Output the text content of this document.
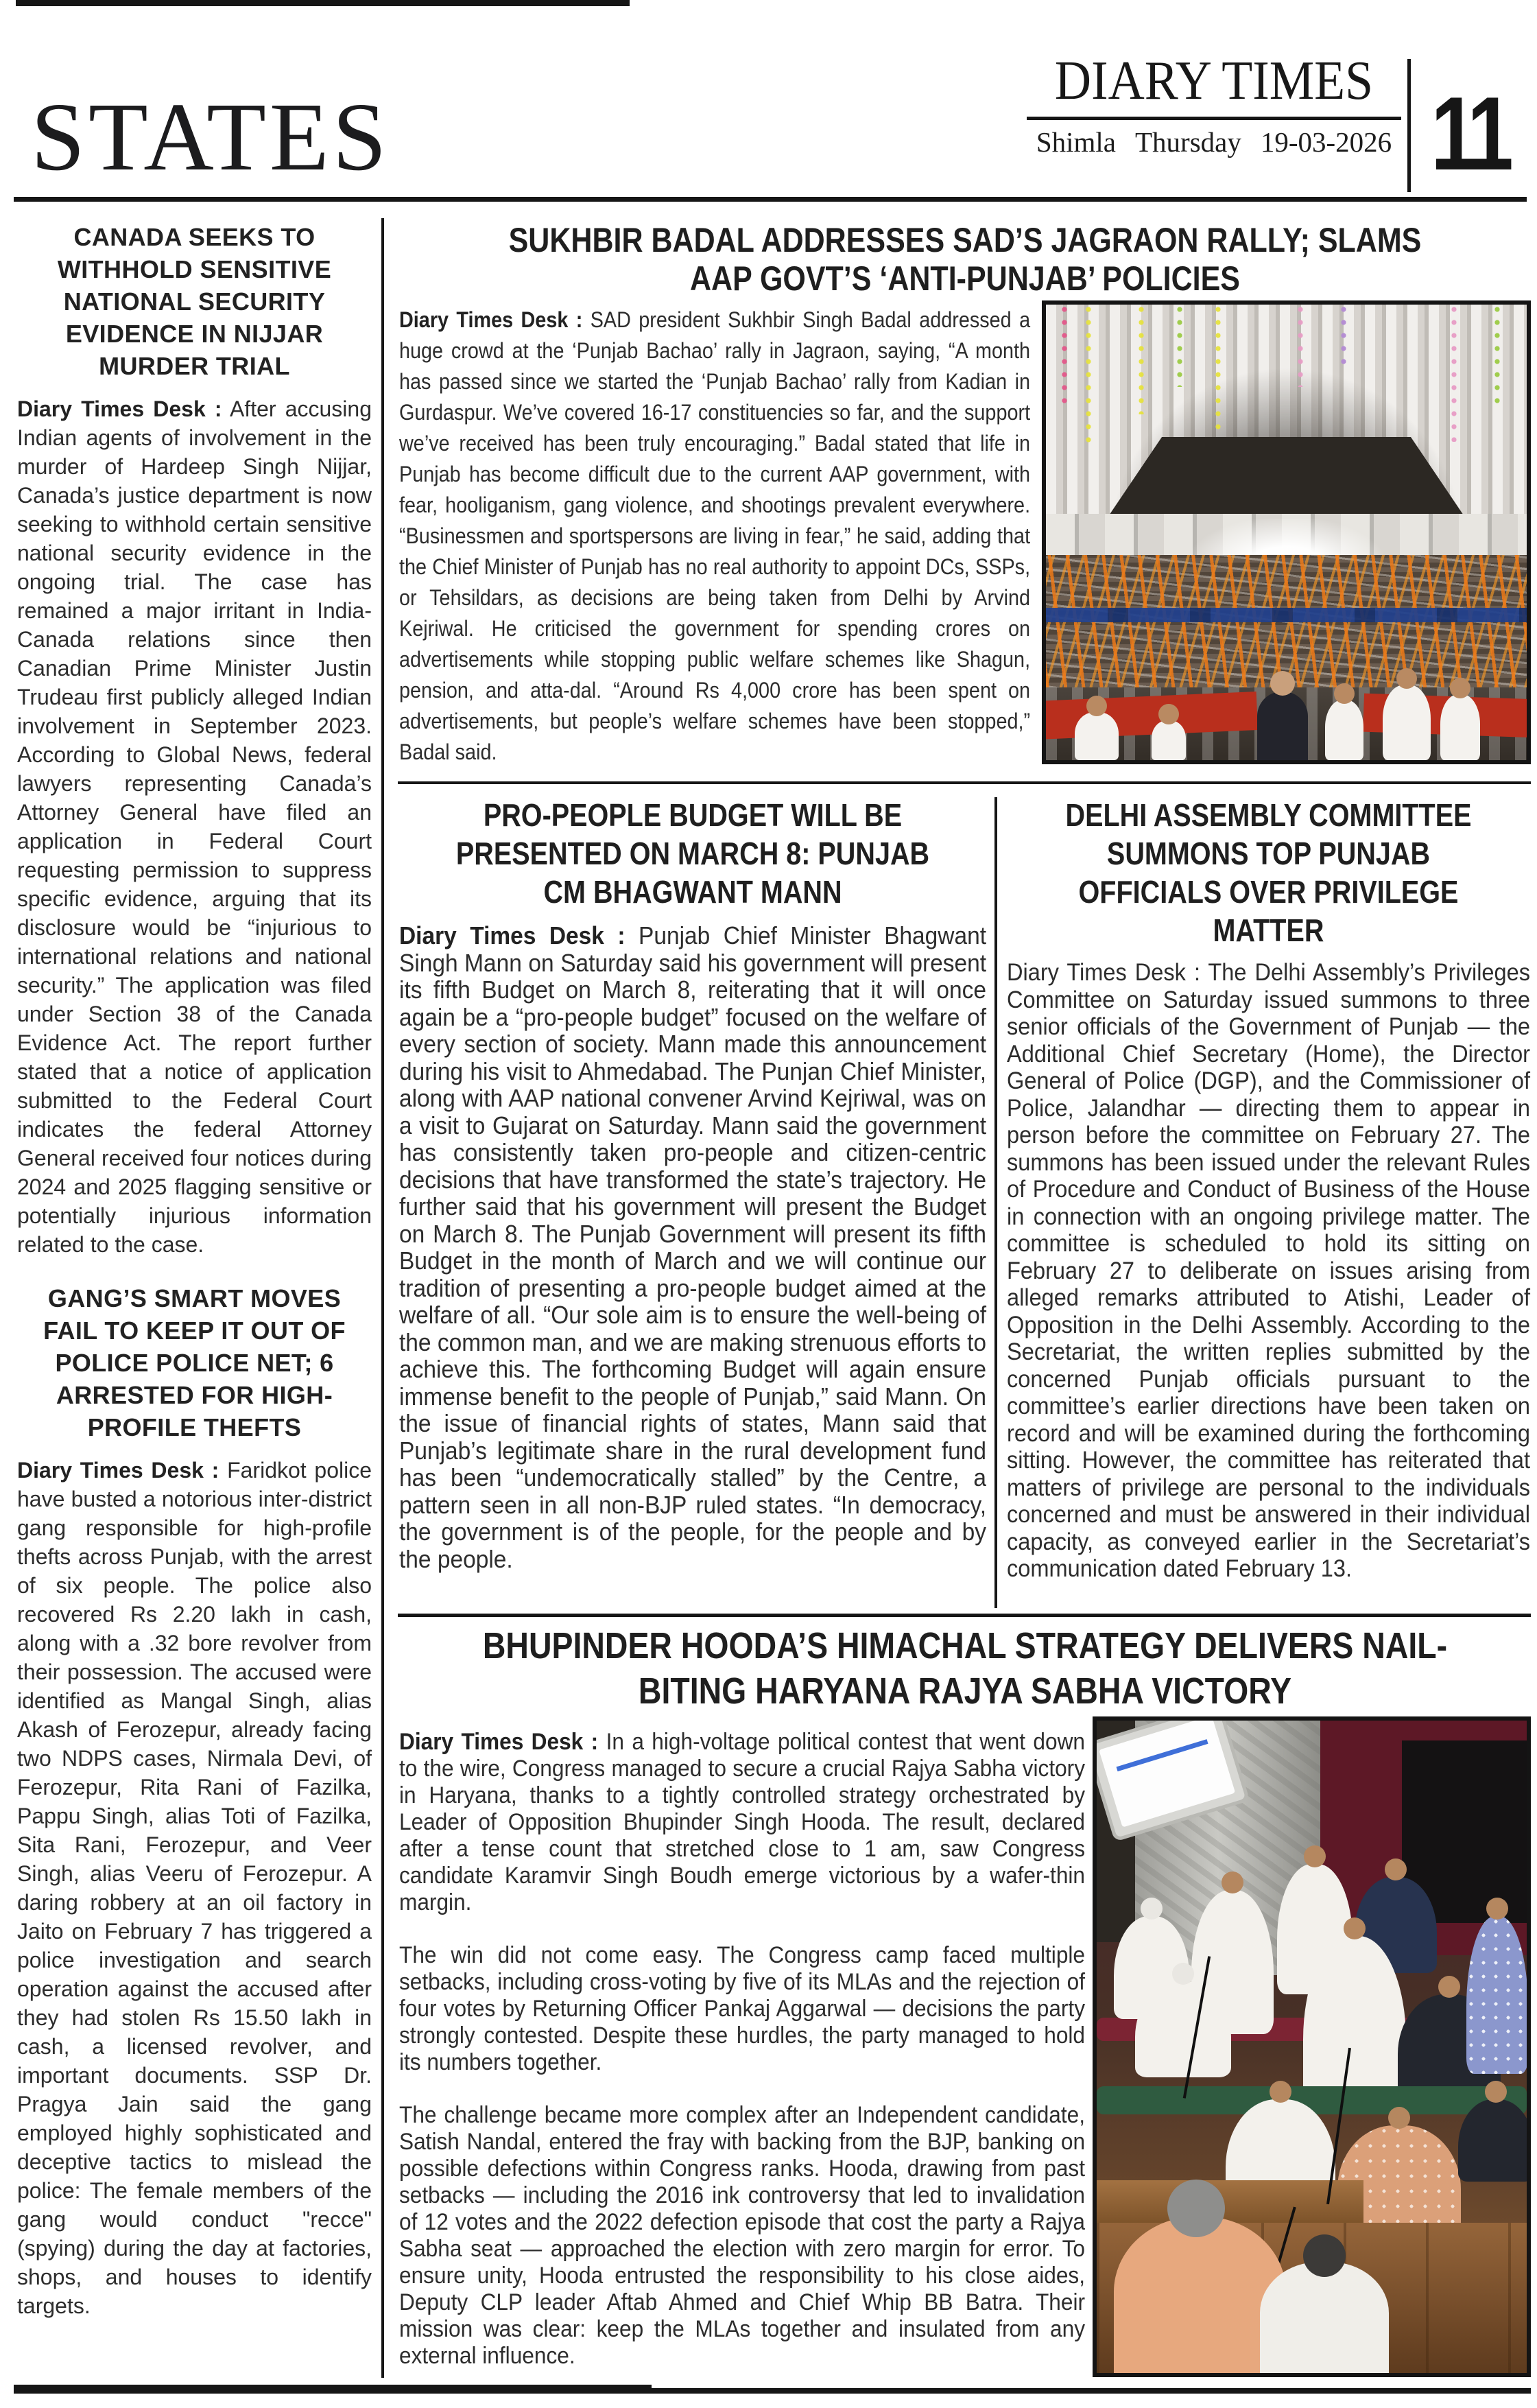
STATES
DIARY TIMES
Shimla Thursday 19-03-2026 11
CANADA SEEKS TO WITHHOLD SENSITIVE NATIONAL SECURITY EVIDENCE IN NIJJAR MURDER TRIAL

Diary Times Desk : After accusing Indian agents of involvement in the murder of Hardeep Singh Nijjar, Canada’s justice department is now seeking to withhold certain sensitive national security evidence in the ongoing trial. The case has remained a major irritant in India-Canada relations since then Canadian Prime Minister Justin Trudeau first publicly alleged Indian involvement in September 2023. According to Global News, federal lawyers representing Canada’s Attorney General have filed an application in Federal Court requesting permission to suppress specific evidence, arguing that its disclosure would be “injurious to international relations and national security.” The application was filed under Section 38 of the Canada Evidence Act. The report further stated that a notice of application submitted to the Federal Court indicates the federal Attorney General received four notices during 2024 and 2025 flagging sensitive or potentially injurious information related to the case.

GANG’S SMART MOVES FAIL TO KEEP IT OUT OF POLICE POLICE NET; 6 ARRESTED FOR HIGH-PROFILE THEFTS

Diary Times Desk : Faridkot police have busted a notorious inter-district gang responsible for high-profile thefts across Punjab, with the arrest of six people. The police also recovered Rs 2.20 lakh in cash, along with a .32 bore revolver from their possession. The accused were identified as Mangal Singh, alias Akash of Ferozepur, already facing two NDPS cases, Nirmala Devi, of Ferozepur, Rita Rani of Fazilka, Pappu Singh, alias Toti of Fazilka, Sita Rani, Ferozepur, and Veer Singh, alias Veeru of Ferozepur. A daring robbery at an oil factory in Jaito on February 7 has triggered a police investigation and search operation against the accused after they had stolen Rs 15.50 lakh in cash, a licensed revolver, and important documents. SSP Dr. Pragya Jain said the gang employed highly sophisticated and deceptive tactics to mislead the police: The female members of the gang would conduct "recce" (spying) during the day at factories, shops, and houses to identify targets.

SUKHBIR BADAL ADDRESSES SAD’S JAGRAON RALLY; SLAMS AAP GOVT’S ‘ANTI-PUNJAB’ POLICIES

Diary Times Desk : SAD president Sukhbir Singh Badal addressed a huge crowd at the ‘Punjab Bachao’ rally in Jagraon, saying, “A month has passed since we started the ‘Punjab Bachao’ rally from Kadian in Gurdaspur. We’ve covered 16-17 constituencies so far, and the support we’ve received has been truly encouraging.” Badal stated that life in Punjab has become difficult due to the current AAP government, with fear, hooliganism, gang violence, and shootings prevalent everywhere. “Businessmen and sportspersons are living in fear,” he said, adding that the Chief Minister of Punjab has no real authority to appoint DCs, SSPs, or Tehsildars, as decisions are being taken from Delhi by Arvind Kejriwal. He criticised the government for spending crores on advertisements while stopping public welfare schemes like Shagun, pension, and atta-dal. “Around Rs 4,000 crore has been spent on advertisements, but people’s welfare schemes have been stopped,” Badal said.

PRO-PEOPLE BUDGET WILL BE PRESENTED ON MARCH 8: PUNJAB CM BHAGWANT MANN

Diary Times Desk : Punjab Chief Minister Bhagwant Singh Mann on Saturday said his government will present its fifth Budget on March 8, reiterating that it will once again be a “pro-people budget” focused on the welfare of every section of society. Mann made this announcement during his visit to Ahmedabad. The Punjan Chief Minister, along with AAP national convener Arvind Kejriwal, was on a visit to Gujarat on Saturday. Mann said the government has consistently taken pro-people and citizen-centric decisions that have transformed the state’s trajectory. He further said that his government will present the Budget on March 8. The Punjab Government will present its fifth Budget in the month of March and we will continue our tradition of presenting a pro-people budget aimed at the welfare of all. “Our sole aim is to ensure the well-being of the common man, and we are making strenuous efforts to achieve this. The forthcoming Budget will again ensure immense benefit to the people of Punjab,” said Mann. On the issue of financial rights of states, Mann said that Punjab’s legitimate share in the rural development fund has been “undemocratically stalled” by the Centre, a pattern seen in all non-BJP ruled states. “In democracy, the government is of the people, for the people and by the people.

DELHI ASSEMBLY COMMITTEE SUMMONS TOP PUNJAB OFFICIALS OVER PRIVILEGE MATTER

Diary Times Desk : The Delhi Assembly’s Privileges Committee on Saturday issued summons to three senior officials of the Government of Punjab — the Additional Chief Secretary (Home), the Director General of Police (DGP), and the Commissioner of Police, Jalandhar — directing them to appear in person before the committee on February 27. The summons has been issued under the relevant Rules of Procedure and Conduct of Business of the House in connection with an ongoing privilege matter. The committee is scheduled to hold its sitting on February 27 to deliberate on issues arising from alleged remarks attributed to Atishi, Leader of Opposition in the Delhi Assembly. According to the Secretariat, the written replies submitted by the concerned Punjab officials pursuant to the committee’s earlier directions have been taken on record and will be examined during the forthcoming sitting. However, the committee has reiterated that matters of privilege are personal to the individuals concerned and must be answered in their individual capacity, as conveyed earlier in the Secretariat’s communication dated February 13.

BHUPINDER HOODA’S HIMACHAL STRATEGY DELIVERS NAIL-BITING HARYANA RAJYA SABHA VICTORY

Diary Times Desk : In a high-voltage political contest that went down to the wire, Congress managed to secure a crucial Rajya Sabha victory in Haryana, thanks to a tightly controlled strategy orchestrated by Leader of Opposition Bhupinder Singh Hooda. The result, declared after a tense count that stretched close to 1 am, saw Congress candidate Karamvir Singh Boudh emerge victorious by a wafer-thin margin.

The win did not come easy. The Congress camp faced multiple setbacks, including cross-voting by five of its MLAs and the rejection of four votes by Returning Officer Pankaj Aggarwal — decisions the party strongly contested. Despite these hurdles, the party managed to hold its numbers together.

The challenge became more complex after an Independent candidate, Satish Nandal, entered the fray with backing from the BJP, banking on possible defections within Congress ranks. Hooda, drawing from past setbacks — including the 2016 ink controversy that led to invalidation of 12 votes and the 2022 defection episode that cost the party a Rajya Sabha seat — approached the election with zero margin for error. To ensure unity, Hooda entrusted the responsibility to his close aides, Deputy CLP leader Aftab Ahmed and Chief Whip BB Batra. Their mission was clear: keep the MLAs together and insulated from any external influence.
